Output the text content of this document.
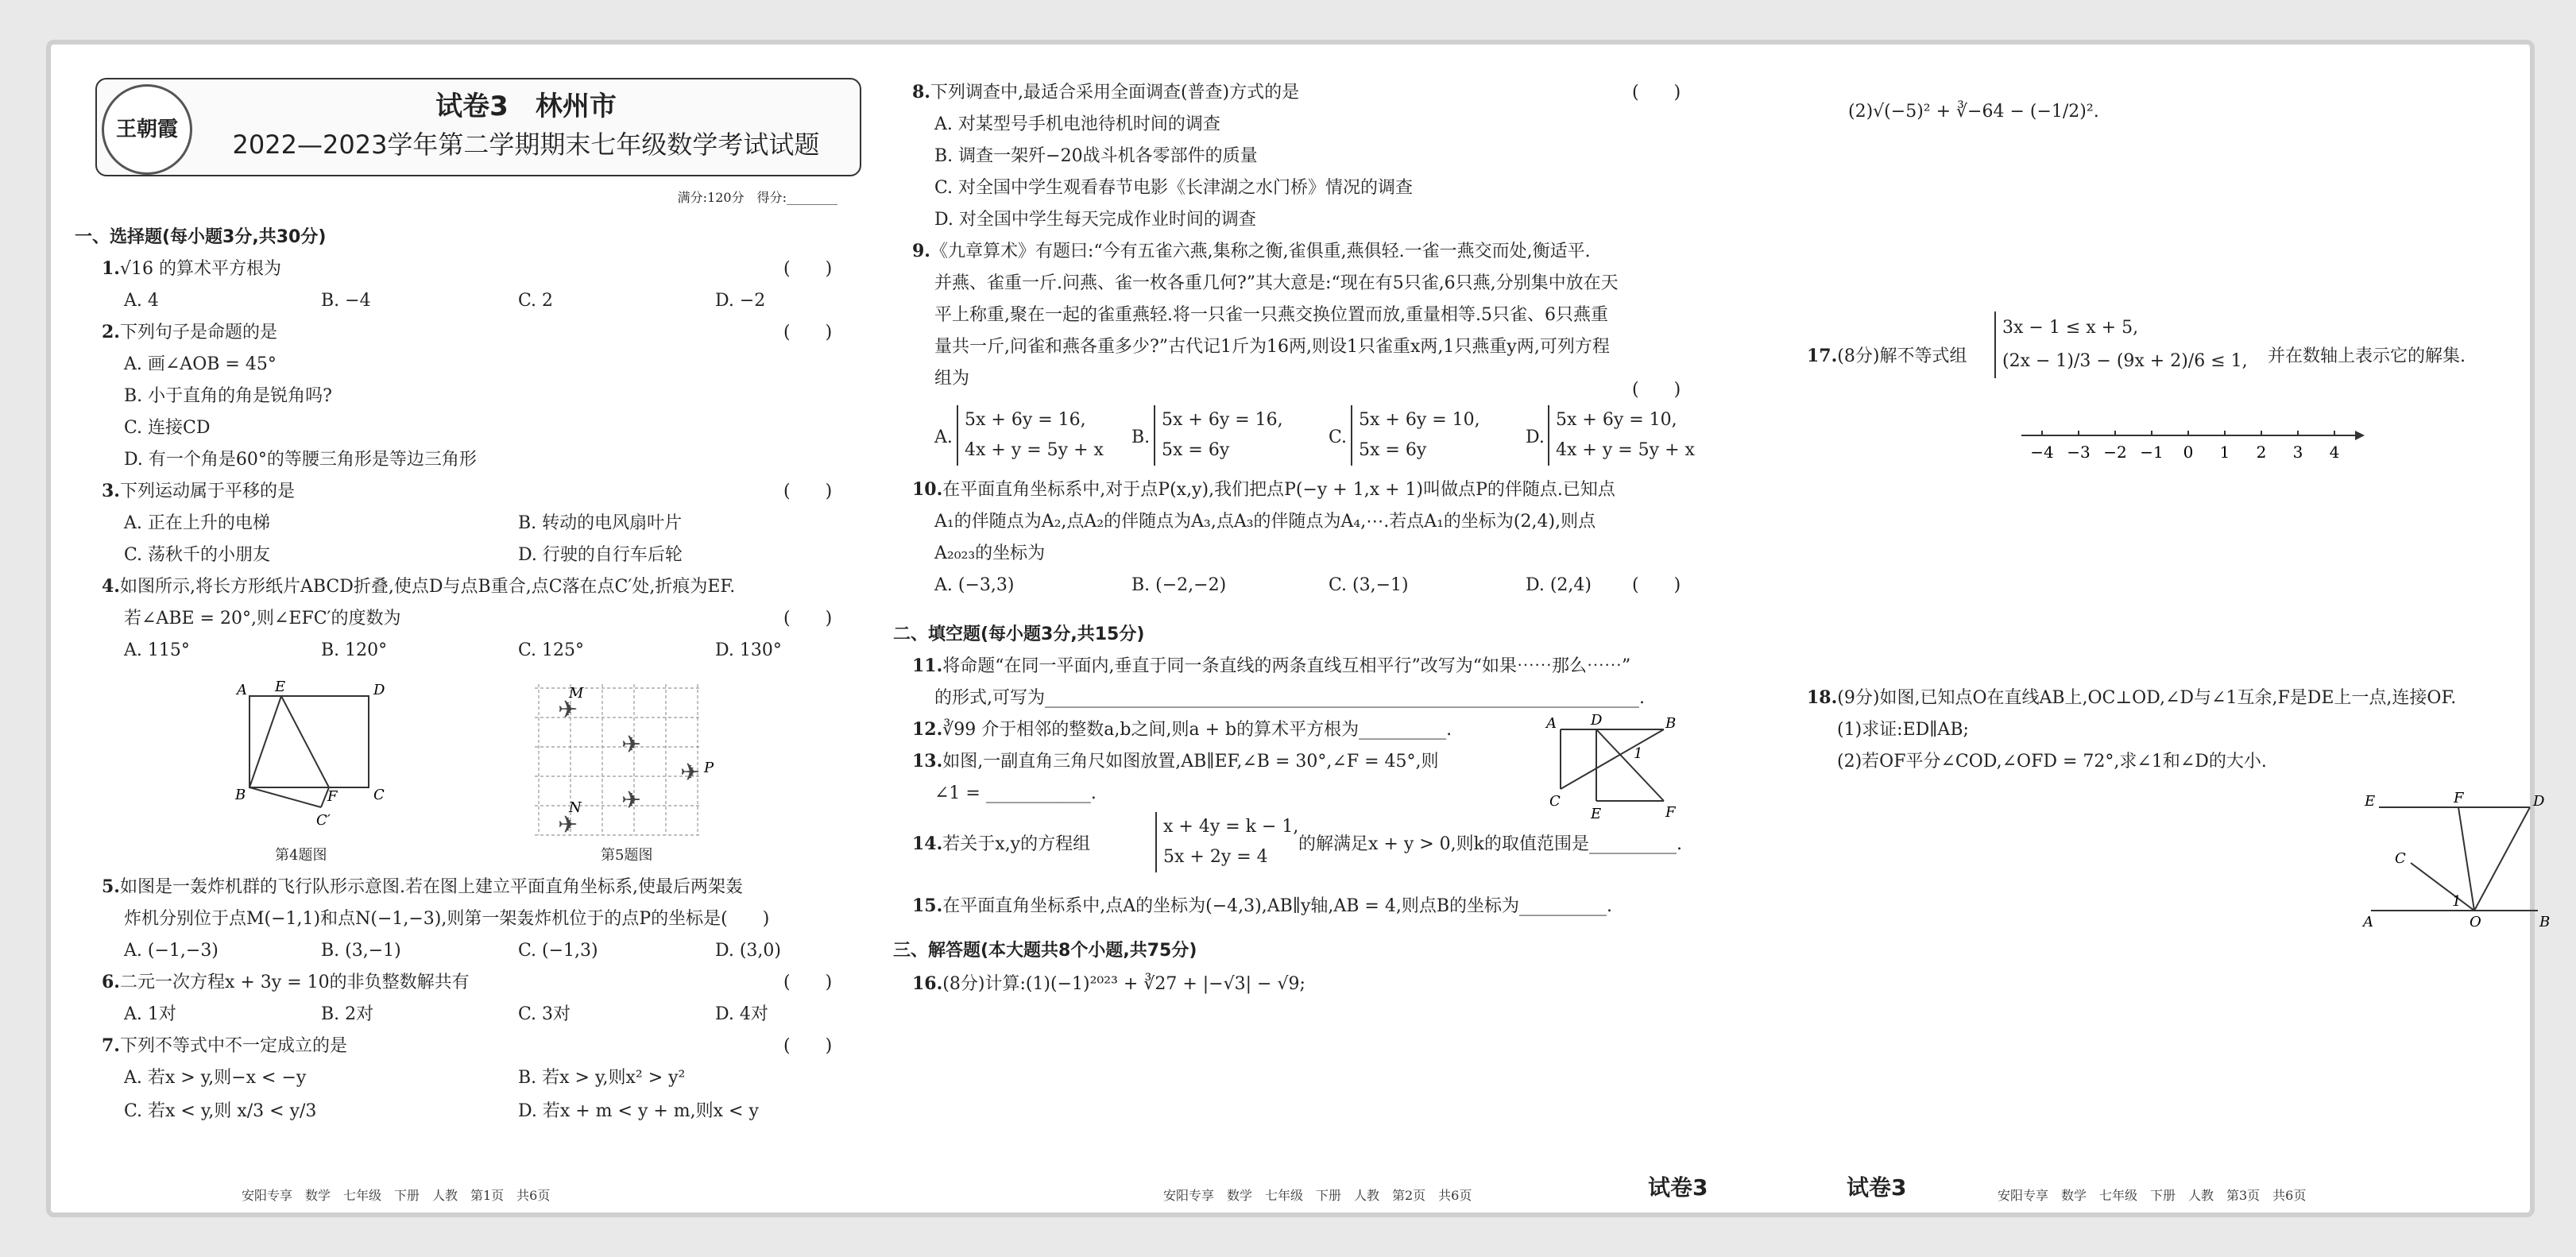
王朝霞
试卷3　林州市
2022—2023学年第二学期期末七年级数学考试试题
满分:120分　得分:________
一、选择题(每小题3分,共30分)
1.√16 的算术平方根为	(　　)
A. 4	B. −4	C. 2	D. −2
2.下列句子是命题的是	(　　)
A. 画∠AOB = 45°
B. 小于直角的角是锐角吗?
C. 连接CD
D. 有一个角是60°的等腰三角形是等边三角形
3.下列运动属于平移的是	(　　)
A. 正在上升的电梯	B. 转动的电风扇叶片
C. 荡秋千的小朋友	D. 行驶的自行车后轮
4.如图所示,将长方形纸片ABCD折叠,使点D与点B重合,点C落在点C′处,折痕为EF.
若∠ABE = 20°,则∠EFC′的度数为	(　　)
A. 115°	B. 120°	C. 125°	D. 130°
A E	D
B	F	C
C′
第4题图
✈
✈
✈
✈
✈
M
P
N
第5题图
5.如图是一轰炸机群的飞行队形示意图.若在图上建立平面直角坐标系,使最后两架轰
炸机分别位于点M(−1,1)和点N(−1,−3),则第一架轰炸机位于的点P的坐标是(　　)
A. (−1,−3)	B. (3,−1)	C. (−1,3)	D. (3,0)
6.二元一次方程x + 3y = 10的非负整数解共有	(　　)
A. 1对	B. 2对	C. 3对	D. 4对
7.下列不等式中不一定成立的是	(　　)
A. 若x > y,则−x < −y	B. 若x > y,则x² > y²
C. 若x < y,则 x/3 < y/3	D. 若x + m < y + m,则x < y
安阳专享　数学　七年级　下册　人教　第1页　共6页
8.下列调查中,最适合采用全面调查(普查)方式的是	(　　)
A. 对某型号手机电池待机时间的调查
B. 调查一架歼−20战斗机各零部件的质量
C. 对全国中学生观看春节电影《长津湖之水门桥》情况的调查
D. 对全国中学生每天完成作业时间的调查
9.《九章算术》有题曰:“今有五雀六燕,集称之衡,雀俱重,燕俱轻.一雀一燕交而处,衡适平.
并燕、雀重一斤.问燕、雀一枚各重几何?”其大意是:“现在有5只雀,6只燕,分别集中放在天
平上称重,聚在一起的雀重燕轻.将一只雀一只燕交换位置而放,重量相等.5只雀、6只燕重
量共一斤,问雀和燕各重多少?”古代记1斤为16两,则设1只雀重x两,1只燕重y两,可列方程
组为
(　　)
A.
5x + 6y = 16,
4x + y = 5y + x
B.
5x + 6y = 16,
5x = 6y
C.
5x + 6y = 10,
5x = 6y
D.
5x + 6y = 10,
4x + y = 5y + x
10.在平面直角坐标系中,对于点P(x,y),我们把点P(−y + 1,x + 1)叫做点P的伴随点.已知点
A₁的伴随点为A₂,点A₂的伴随点为A₃,点A₃的伴随点为A₄,⋯.若点A₁的坐标为(2,4),则点
A₂₀₂₃的坐标为
(　　)
A. (−3,3)	B. (−2,−2)	C. (3,−1)	D. (2,4)
二、填空题(每小题3分,共15分)
11.将命题“在同一平面内,垂直于同一条直线的两条直线互相平行”改写为“如果⋯⋯那么⋯⋯”
的形式,可写为____________________________________________________________________.
12.∛99 介于相邻的整数a,b之间,则a + b的算术平方根为__________.
13.如图,一副直角三角尺如图放置,AB∥EF,∠B = 30°,∠F = 45°,则
∠1 = ____________.
A D	B
1
C
E	F
14.若关于x,y的方程组
x + 4y = k − 1,
5x + 2y = 4
的解满足x + y > 0,则k的取值范围是__________.
15.在平面直角坐标系中,点A的坐标为(−4,3),AB∥y轴,AB = 4,则点B的坐标为__________.
三、解答题(本大题共8个小题,共75分)
16.(8分)计算:(1)(−1)²⁰²³ + ∛27 + |−√3| − √9;
安阳专享　数学　七年级　下册　人教　第2页　共6页	试卷3
(2)√(−5)² + ∛−64 − (−1/2)².
17.(8分)解不等式组
3x − 1 ≤ x + 5,
(2x − 1)/3 − (9x + 2)/6 ≤ 1, 并在数轴上表示它的解集.
−4 −3 −2 −1 0 1 2 3 4
18.(9分)如图,已知点O在直线AB上,OC⊥OD,∠D与∠1互余,F是DE上一点,连接OF.
(1)求证:ED∥AB;
(2)若OF平分∠COD,∠OFD = 72°,求∠1和∠D的大小.
E	F	D
C
1
A	O	B
试卷3	安阳专享　数学　七年级　下册　人教　第3页　共6页
